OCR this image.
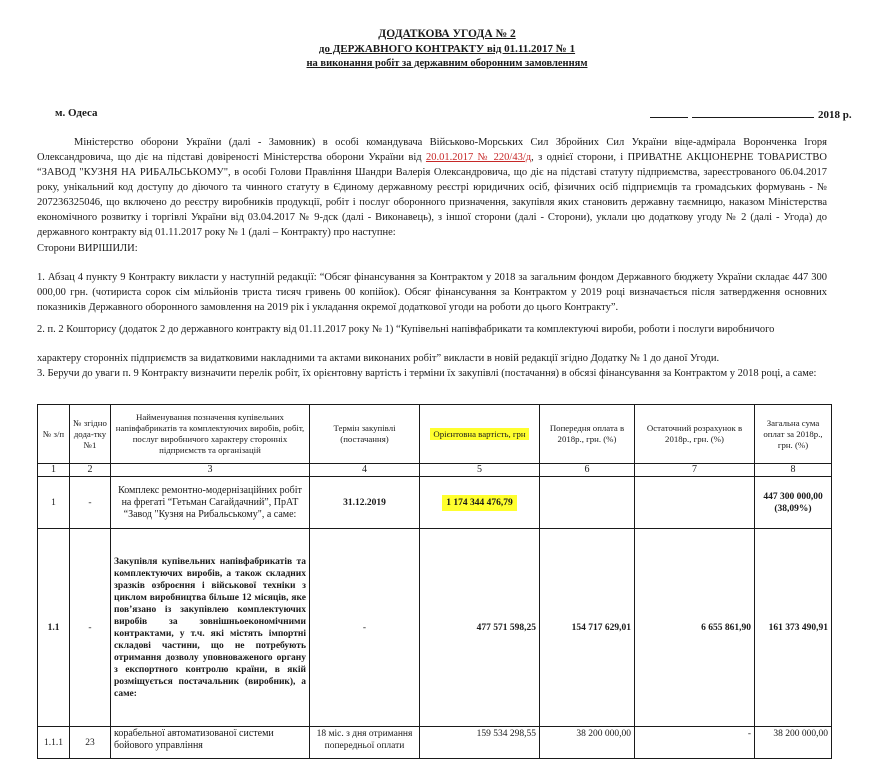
ДОДАТКОВА УГОДА № 2
до ДЕРЖАВНОГО КОНТРАКТУ від 01.11.2017 № 1
на виконання робіт за державним оборонним замовленням
м. Одеса	2018 р.
Міністерство оборони України (далі - Замовник) в особі командувача Військово-Морських Сил Збройних Сил України віце-адмірала Воронченка Ігоря Олександровича, що діє на підставі довіреності Міністерства оборони України від 20.01.2017 № 220/43/д, з однієї сторони, і ПРИВАТНЕ АКЦІОНЕРНЕ ТОВАРИСТВО “ЗАВОД "КУЗНЯ НА РИБАЛЬСЬКОМУ", в особі Голови Правління Шандри Валерія Олександровича, що діє на підставі статуту підприємства, зареєстрованого 06.04.2017 року, унікальний код доступу до діючого та чинного статуту в Єдиному державному реєстрі юридичних осіб, фізичних осіб підприємців та громадських формувань - № 207236325046, що включено до реєстру виробників продукції, робіт і послуг оборонного призначення, закупівля яких становить державну таємницю, наказом Міністерства економічного розвитку і торгівлі України від 03.04.2017 № 9-дск (далі - Виконавець), з іншої сторони (далі - Сторони), уклали цю додаткову угоду № 2 (далі - Угода) до державного контракту від 01.11.2017 року № 1 (далі – Контракту) про наступне:
Сторони ВИРІШИЛИ:
1. Абзац 4 пункту 9 Контракту викласти у наступній редакції: “Обсяг фінансування за Контрактом у 2018 за загальним фондом Державного бюджету України складає 447 300 000,00 грн. (чотириста сорок сім мільйонів триста тисяч гривень 00 копійок). Обсяг фінансування за Контрактом у 2019 році визначається після затвердження основних показників Державного оборонного замовлення на 2019 рік і укладання окремої додаткової угоди на роботи до цього Контракту”.
2. п. 2 Кошторису (додаток 2 до державного контракту від 01.11.2017 року № 1) “Купівельні напівфабрикати та комплектуючі вироби, роботи і послуги виробничого
характеру сторонніх підприємств за видатковими накладними та актами виконаних робіт” викласти в новій редакції згідно Додатку № 1 до даної Угоди.
3. Беручи до уваги п. 9 Контракту визначити перелік робіт, їх орієнтовну вартість і терміни їх закупівлі (постачання) в обсязі фінансування за Контрактом у 2018 році, а саме:
№ з/п	№ згідно дода-тку №1	Найменування позначення купівельних напівфабрикатів та комплектуючих виробів, робіт, послуг виробничого характеру сторонніх підприємств та організацій	Термін закупівлі (постачання)	Орієнтовна вартість, грн	Попередня оплата в 2018р., грн. (%)	Остаточний розрахунок в 2018р., грн. (%)	Загальна сума оплат за 2018р., грн. (%)
1	2	3	4	5	6	7	8
1	-	Комплекс ремонтно-модернізаційних робіт на фрегаті “Гетьман Сагайдачний”, ПрАТ “Завод "Кузня на Рибальському", а саме:	31.12.2019	1 174 344 476,79			447 300 000,00
(38,09%)

1.1	-	Закупівля купівельних напівфабрикатів та комплектуючих виробів, а також складних зразків озброєння і військової техніки з циклом виробництва більше 12 місяців, яке пов’язано із закупівлею комплектуючих виробів за зовнішньоекономічними контрактами, у т.ч. які містять імпортні складові частини, що не потребують отримання дозволу уповноваженого органу з експортного контролю країни, в якій розміщується постачальник (виробник), а саме:	-	477 571 598,25	154 717 629,01	6 655 861,90	161 373 490,91
1.1.1	23	корабельної автоматизованої системи бойового управління	18 міс. з дня отримання попередньої оплати	159 534 298,55	38 200 000,00	-	38 200 000,00
